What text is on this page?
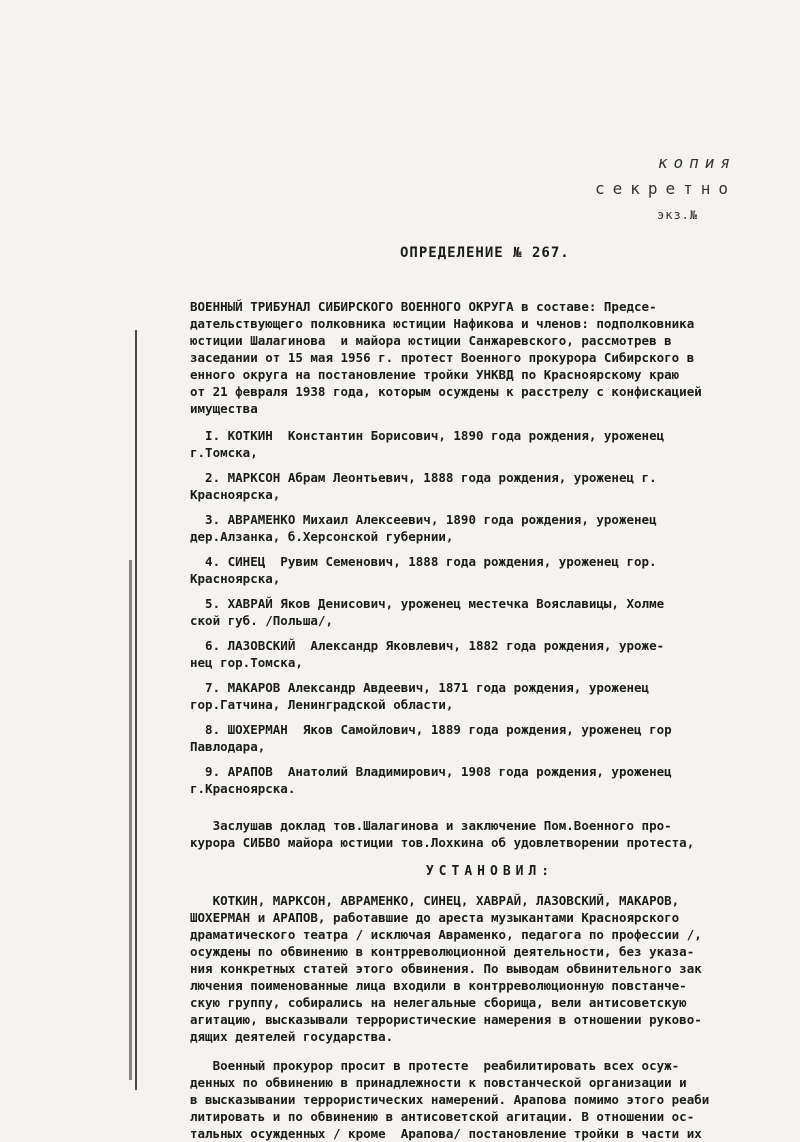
копия
секретно
экз.№
ОПРЕДЕЛЕНИЕ № 267.

ВОЕННЫЙ ТРИБУНАЛ СИБИРСКОГО ВОЕННОГО ОКРУГА в составе: Предсе-

дательствующего полковника юстиции Нафикова и членов: подполковника

юстиции Шалагинова  и майора юстиции Санжаревского, рассмотрев в

заседании от 15 мая 1956 г. протест Военного прокурора Сибирского в

енного округа на постановление тройки УНКВД по Красноярскому краю

от 21 февраля 1938 года, которым осуждены к расстрелу с конфискацией

имущества

I. КОТКИН  Константин Борисович, 1890 года рождения, уроженец

г.Томска,

2. МАРКСОН Абрам Леонтьевич, 1888 года рождения, уроженец г.

Красноярска,

3. АВРАМЕНКО Михаил Алексеевич, 1890 года рождения, уроженец

дер.Алзанка, б.Херсонской губернии,

4. СИНЕЦ  Рувим Семенович, 1888 года рождения, уроженец гор.

Красноярска,

5. ХАВРАЙ Яков Денисович, уроженец местечка Вояславицы, Холме

ской губ. /Польша/,

6. ЛАЗОВСКИЙ  Александр Яковлевич, 1882 года рождения, уроже-

нец гор.Томска,

7. МАКАРОВ Александр Авдеевич, 1871 года рождения, уроженец

гор.Гатчина, Ленинградской области,

8. ШОХЕРМАН  Яков Самойлович, 1889 года рождения, уроженец гор

Павлодара,

9. АРАПОВ  Анатолий Владимирович, 1908 года рождения, уроженец

г.Красноярска.

Заслушав доклад тов.Шалагинова и заключение Пом.Военного про-

курора СИБВО майора юстиции тов.Лохкина об удовлетворении протеста,

УСТАНОВИЛ:

КОТКИН, МАРКСОН, АВРАМЕНКО, СИНЕЦ, ХАВРАЙ, ЛАЗОВСКИЙ, МАКАРОВ,

ШОХЕРМАН и АРАПОВ, работавшие до ареста музыкантами Красноярского

драматического театра / исключая Авраменко, педагога по профессии /,

осуждены по обвинению в контрреволюционной деятельности, без указа-

ния конкретных статей этого обвинения. По выводам обвинительного зак

лючения поименованные лица входили в контрреволюционную повстанче-

скую группу, собирались на нелегальные сборища, вели антисоветскую

агитацию, высказывали террористические намерения в отношении руково-

дящих деятелей государства.

Военный прокурор просит в протесте  реабилитировать всех осуж-

денных по обвинению в принадлежности к повстанческой организации и

в высказывании террористических намерений. Арапова помимо этого реаби

литировать и по обвинению в антисоветской агитации. В отношении ос-

тальных осужденных / кроме  Арапова/ постановление тройки в части их
